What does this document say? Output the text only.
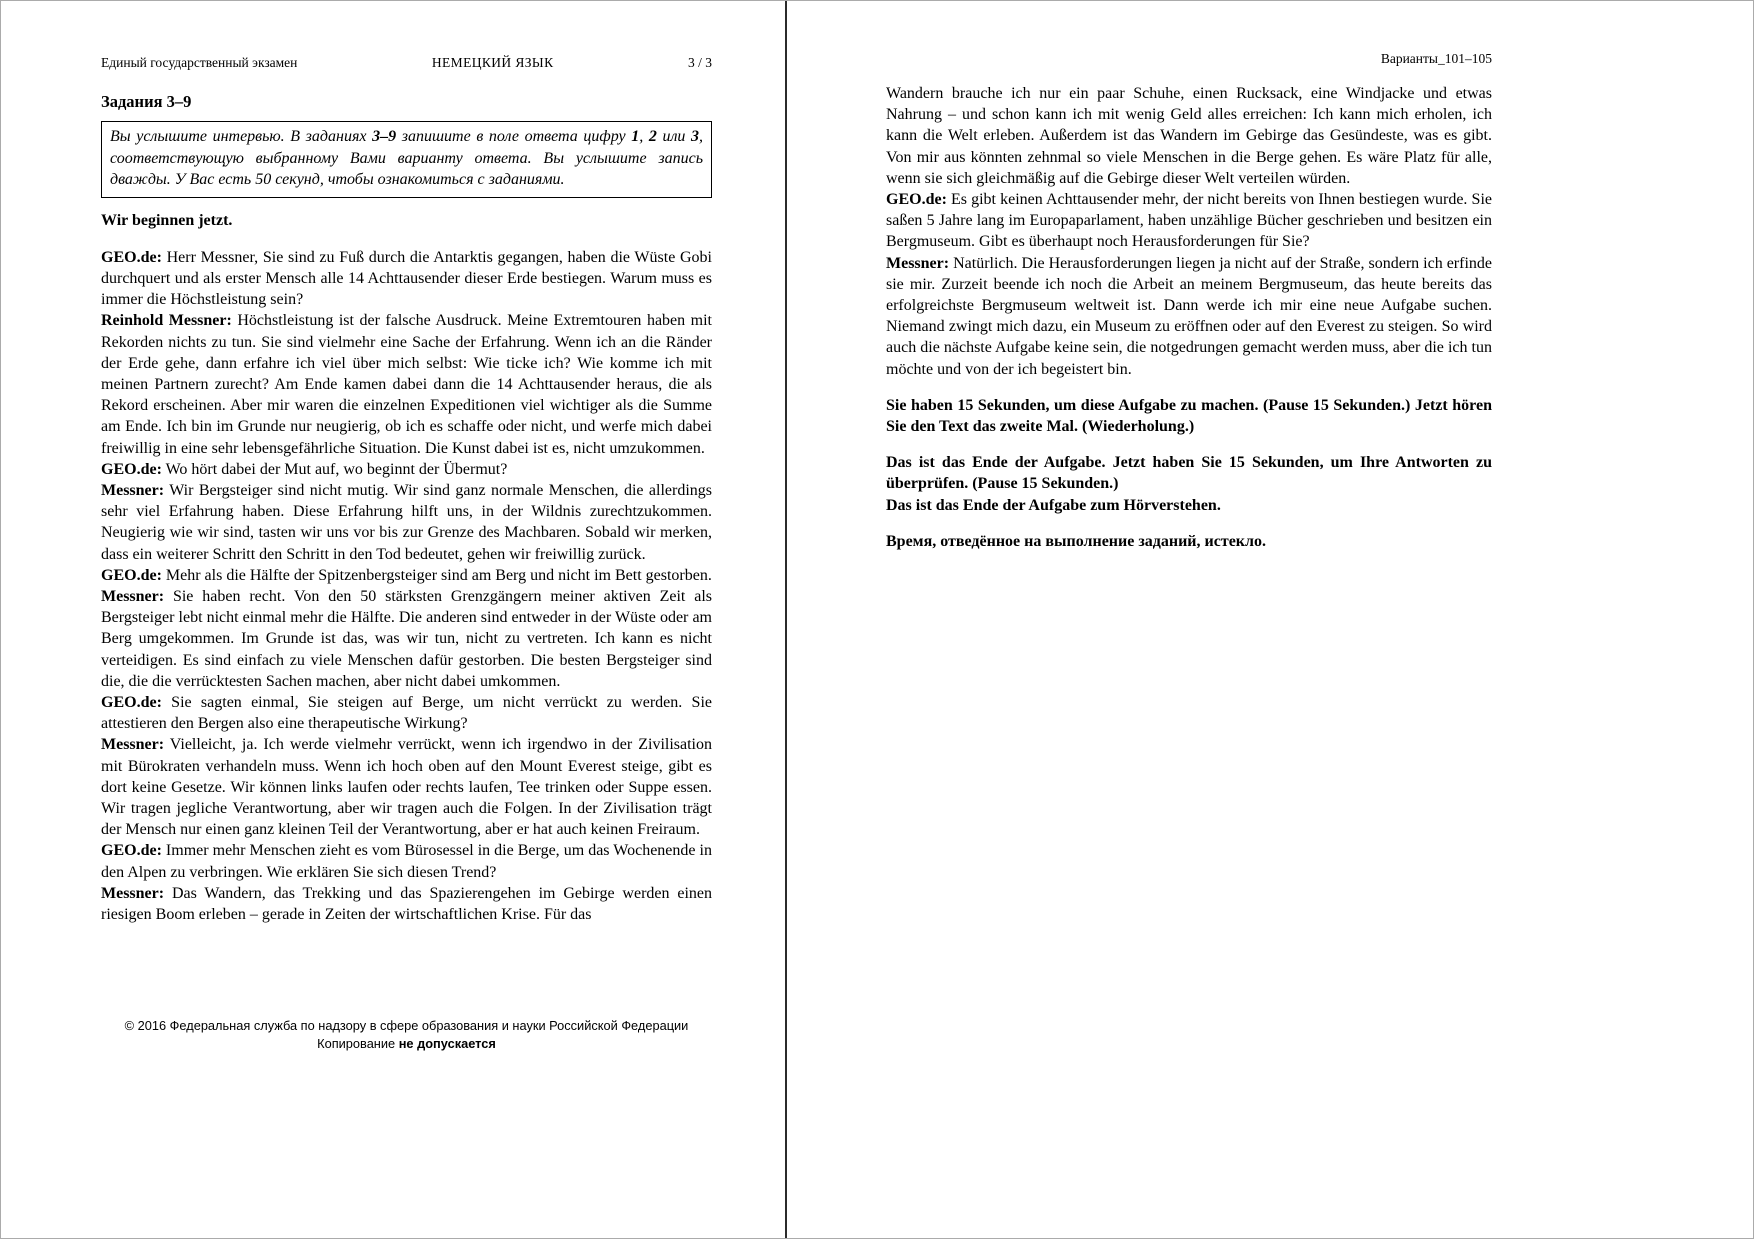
Единый государственный экзамен	НЕМЕЦКИЙ ЯЗЫК	3 / 3
Задания 3–9
Вы услышите интервью. В заданиях 3–9 запишите в поле ответа цифру 1, 2 или 3, соответствующую выбранному Вами варианту ответа. Вы услышите запись дважды. У Вас есть 50 секунд, чтобы ознакомиться с заданиями.

Wir beginnen jetzt.

GEO.de: Herr Messner, Sie sind zu Fuß durch die Antarktis gegangen, haben die Wüste Gobi durchquert und als erster Mensch alle 14 Achttausender dieser Erde bestiegen. Warum muss es immer die Höchstleistung sein?

Reinhold Messner: Höchstleistung ist der falsche Ausdruck. Meine Extremtouren haben mit Rekorden nichts zu tun. Sie sind vielmehr eine Sache der Erfahrung. Wenn ich an die Ränder der Erde gehe, dann erfahre ich viel über mich selbst: Wie ticke ich? Wie komme ich mit meinen Partnern zurecht? Am Ende kamen dabei dann die 14 Achttausender heraus, die als Rekord erscheinen. Aber mir waren die einzelnen Expeditionen viel wichtiger als die Summe am Ende. Ich bin im Grunde nur neugierig, ob ich es schaffe oder nicht, und werfe mich dabei freiwillig in eine sehr lebensgefährliche Situation. Die Kunst dabei ist es, nicht umzukommen.

GEO.de: Wo hört dabei der Mut auf, wo beginnt der Übermut?

Messner: Wir Bergsteiger sind nicht mutig. Wir sind ganz normale Menschen, die allerdings sehr viel Erfahrung haben. Diese Erfahrung hilft uns, in der Wildnis zurechtzukommen. Neugierig wie wir sind, tasten wir uns vor bis zur Grenze des Machbaren. Sobald wir merken, dass ein weiterer Schritt den Schritt in den Tod bedeutet, gehen wir freiwillig zurück.

GEO.de: Mehr als die Hälfte der Spitzenbergsteiger sind am Berg und nicht im Bett gestorben.

Messner: Sie haben recht. Von den 50 stärksten Grenzgängern meiner aktiven Zeit als Bergsteiger lebt nicht einmal mehr die Hälfte. Die anderen sind entweder in der Wüste oder am Berg umgekommen. Im Grunde ist das, was wir tun, nicht zu vertreten. Ich kann es nicht verteidigen. Es sind einfach zu viele Menschen dafür gestorben. Die besten Bergsteiger sind die, die die verrücktesten Sachen machen, aber nicht dabei umkommen.

GEO.de: Sie sagten einmal, Sie steigen auf Berge, um nicht verrückt zu werden. Sie attestieren den Bergen also eine therapeutische Wirkung?

Messner: Vielleicht, ja. Ich werde vielmehr verrückt, wenn ich irgendwo in der Zivilisation mit Bürokraten verhandeln muss. Wenn ich hoch oben auf den Mount Everest steige, gibt es dort keine Gesetze. Wir können links laufen oder rechts laufen, Tee trinken oder Suppe essen. Wir tragen jegliche Verantwortung, aber wir tragen auch die Folgen. In der Zivilisation trägt der Mensch nur einen ganz kleinen Teil der Verantwortung, aber er hat auch keinen Freiraum.

GEO.de: Immer mehr Menschen zieht es vom Bürosessel in die Berge, um das Wochenende in den Alpen zu verbringen. Wie erklären Sie sich diesen Trend?

Messner: Das Wandern, das Trekking und das Spazierengehen im Gebirge werden einen riesigen Boom erleben – gerade in Zeiten der wirtschaftlichen Krise. Für das

© 2016 Федеральная служба по надзору в сфере образования и науки Российской Федерации
Копирование не допускается
Варианты_101–105

Wandern brauche ich nur ein paar Schuhe, einen Rucksack, eine Windjacke und etwas Nahrung – und schon kann ich mit wenig Geld alles erreichen: Ich kann mich erholen, ich kann die Welt erleben. Außerdem ist das Wandern im Gebirge das Gesündeste, was es gibt. Von mir aus könnten zehnmal so viele Menschen in die Berge gehen. Es wäre Platz für alle, wenn sie sich gleichmäßig auf die Gebirge dieser Welt verteilen würden.

GEO.de: Es gibt keinen Achttausender mehr, der nicht bereits von Ihnen bestiegen wurde. Sie saßen 5 Jahre lang im Europaparlament, haben unzählige Bücher geschrieben und besitzen ein Bergmuseum. Gibt es überhaupt noch Herausforderungen für Sie?

Messner: Natürlich. Die Herausforderungen liegen ja nicht auf der Straße, sondern ich erfinde sie mir. Zurzeit beende ich noch die Arbeit an meinem Bergmuseum, das heute bereits das erfolgreichste Bergmuseum weltweit ist. Dann werde ich mir eine neue Aufgabe suchen. Niemand zwingt mich dazu, ein Museum zu eröffnen oder auf den Everest zu steigen. So wird auch die nächste Aufgabe keine sein, die notgedrungen gemacht werden muss, aber die ich tun möchte und von der ich begeistert bin.

Sie haben 15 Sekunden, um diese Aufgabe zu machen. (Pause 15 Sekunden.) Jetzt hören Sie den Text das zweite Mal. (Wiederholung.)

Das ist das Ende der Aufgabe. Jetzt haben Sie 15 Sekunden, um Ihre Antworten zu überprüfen. (Pause 15 Sekunden.)

Das ist das Ende der Aufgabe zum Hörverstehen.

Время, отведённое на выполнение заданий, истекло.
